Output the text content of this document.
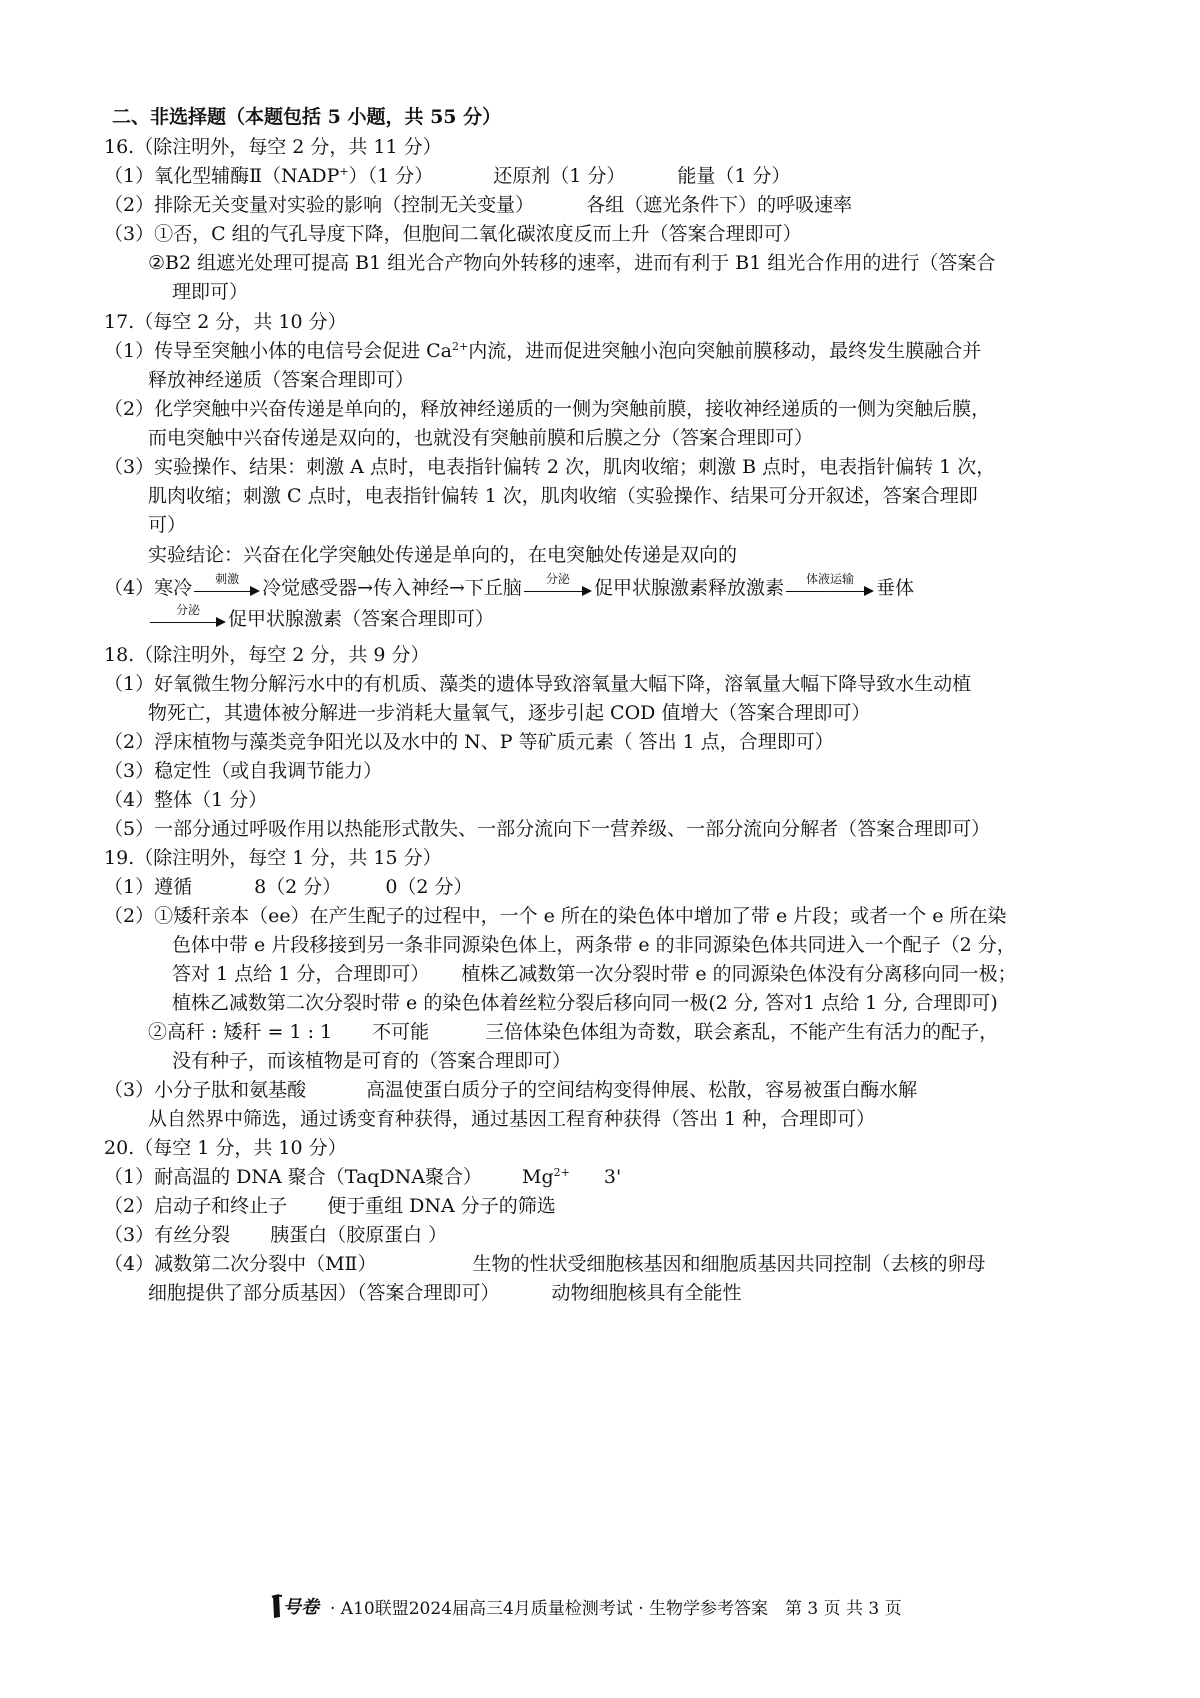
二、非选择题（本题包括 5 小题，共 55 分）
16.（除注明外，每空 2 分，共 11 分）
（1）氧化型辅酶Ⅱ（NADP+）（1 分）	还原剂（1 分）	能量（1 分）
（2）排除无关变量对实验的影响（控制无关变量）	各组（遮光条件下）的呼吸速率
（3）①否，C 组的气孔导度下降，但胞间二氧化碳浓度反而上升（答案合理即可）
②B2 组遮光处理可提高 B1 组光合产物向外转移的速率，进而有利于 B1 组光合作用的进行（答案合
理即可）
17.（每空 2 分，共 10 分）
（1）传导至突触小体的电信号会促进 $Ca^{2+}$内流，进而促进突触小泡向突触前膜移动，最终发生膜融合并
释放神经递质（答案合理即可）
（2）化学突触中兴奋传递是单向的，释放神经递质的一侧为突触前膜，接收神经递质的一侧为突触后膜，
而电突触中兴奋传递是双向的，也就没有突触前膜和后膜之分（答案合理即可）
（3）实验操作、结果：刺激 A 点时，电表指针偏转 2 次，肌肉收缩；刺激 B 点时，电表指针偏转 1 次，
肌肉收缩；刺激 C 点时，电表指针偏转 1 次，肌肉收缩（实验操作、结果可分开叙述，答案合理即
可）
实验结论：兴奋在化学突触处传递是单向的，在电突触处传递是双向的
（4）寒冷	刺激	冷觉感受器→传入神经→下丘脑	分泌	促甲状腺激素释放激素	体液运输	垂体
分泌	促甲状腺激素（答案合理即可）
18.（除注明外，每空 2 分，共 9 分）
（1）好氧微生物分解污水中的有机质、藻类的遗体导致溶氧量大幅下降，溶氧量大幅下降导致水生动植
物死亡，其遗体被分解进一步消耗大量氧气，逐步引起 COD 值增大（答案合理即可）
（2）浮床植物与藻类竞争阳光以及水中的 N、P 等矿质元素（ 答出 1 点，合理即可）
（3）稳定性（或自我调节能力）
（4）整体（1 分）
（5）一部分通过呼吸作用以热能形式散失、一部分流向下一营养级、一部分流向分解者（答案合理即可）
19.（除注明外，每空 1 分，共 15 分）
（1）遵循	8（2 分） 0（2 分）
（2）①矮秆亲本（ee）在产生配子的过程中，一个 e 所在的染色体中增加了带 e 片段；或者一个 e 所在染
色体中带 e 片段移接到另一条非同源染色体上，两条带 e 的非同源染色体共同进入一个配子（2 分，
答对 1 点给 1 分，合理即可） 植株乙减数第一次分裂时带 e 的同源染色体没有分离移向同一极；
植株乙减数第二次分裂时带 e 的染色体着丝粒分裂后移向同一极(2 分, 答对1 点给 1 分, 合理即可)
②高秆 : 矮秆 = 1 : 1 不可能	三倍体染色体组为奇数，联会紊乱，不能产生有活力的配子，
没有种子，而该植物是可育的（答案合理即可）
（3）小分子肽和氨基酸	高温使蛋白质分子的空间结构变得伸展、松散，容易被蛋白酶水解
从自然界中筛选，通过诱变育种获得，通过基因工程育种获得（答出 1 种，合理即可）
20.（每空 1 分，共 10 分）
（1）耐高温的 DNA 聚合（TaqDNA聚合） $Mg^{2+}$ 3'
（2）启动子和终止子 便于重组 DNA 分子的筛选
（3）有丝分裂 胰蛋白（胶原蛋白 ）
（4）减数第二次分裂中（MⅡ）	生物的性状受细胞核基因和细胞质基因共同控制（去核的卵母
细胞提供了部分质基因）（答案合理即可）	动物细胞核具有全能性
号卷 · A10联盟2024届高三4月质量检测考试 · 生物学参考答案　第 3 页 共 3 页
